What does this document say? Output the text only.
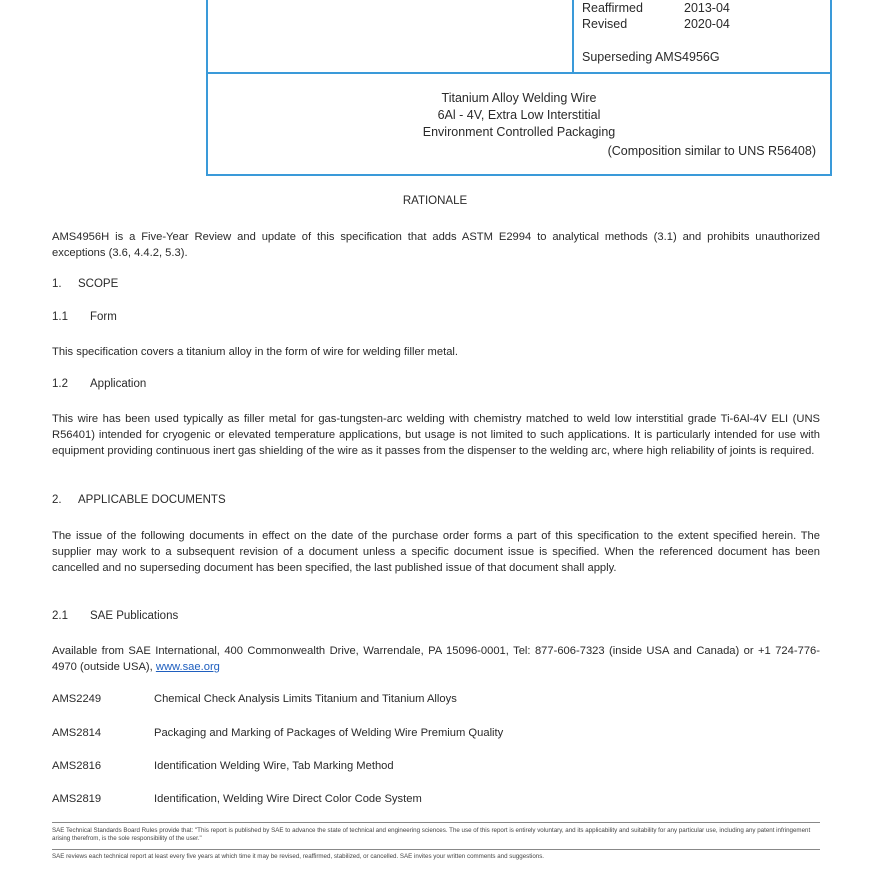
Reaffirmed	2013-04
Revised	2020-04
Superseding AMS4956G
Titanium Alloy Welding Wire
6Al - 4V, Extra Low Interstitial
Environment Controlled Packaging
(Composition similar to UNS R56408)
RATIONALE
AMS4956H is a Five-Year Review and update of this specification that adds ASTM E2994 to analytical methods (3.1) and prohibits unauthorized exceptions (3.6, 4.4.2, 5.3).
1. SCOPE
1.1 Form
This specification covers a titanium alloy in the form of wire for welding filler metal.
1.2 Application
This wire has been used typically as filler metal for gas-tungsten-arc welding with chemistry matched to weld low interstitial grade Ti-6Al-4V ELI (UNS R56401) intended for cryogenic or elevated temperature applications, but usage is not limited to such applications. It is particularly intended for use with equipment providing continuous inert gas shielding of the wire as it passes from the dispenser to the welding arc, where high reliability of joints is required.
2. APPLICABLE DOCUMENTS
The issue of the following documents in effect on the date of the purchase order forms a part of this specification to the extent specified herein. The supplier may work to a subsequent revision of a document unless a specific document issue is specified. When the referenced document has been cancelled and no superseding document has been specified, the last published issue of that document shall apply.
2.1 SAE Publications
Available from SAE International, 400 Commonwealth Drive, Warrendale, PA 15096-0001, Tel: 877-606-7323 (inside USA and Canada) or +1 724-776-4970 (outside USA), www.sae.org
AMS2249	Chemical Check Analysis Limits Titanium and Titanium Alloys
AMS2814	Packaging and Marking of Packages of Welding Wire Premium Quality
AMS2816	Identification Welding Wire, Tab Marking Method
AMS2819	Identification, Welding Wire Direct Color Code System
SAE Technical Standards Board Rules provide that: "This report is published by SAE to advance the state of technical and engineering sciences. The use of this report is entirely voluntary, and its applicability and suitability for any particular use, including any patent infringement arising therefrom, is the sole responsibility of the user."
SAE reviews each technical report at least every five years at which time it may be revised, reaffirmed, stabilized, or cancelled. SAE invites your written comments and suggestions.
